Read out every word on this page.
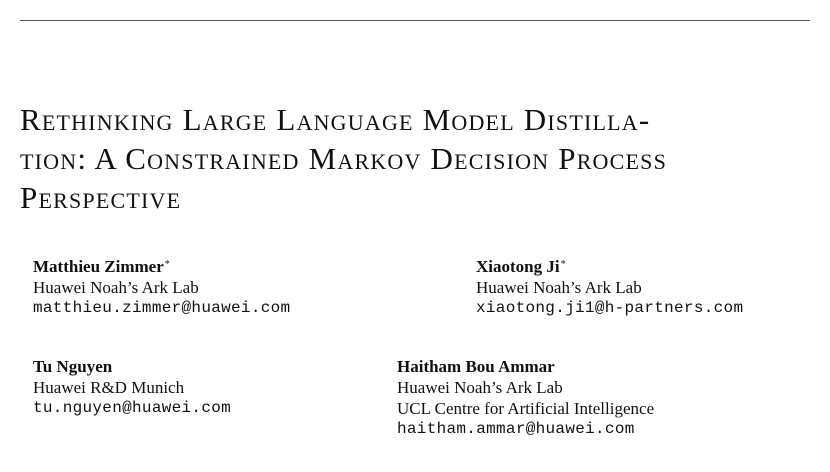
Rethinking Large Language Model Distilla-
tion: A Constrained Markov Decision Process
Perspective
Matthieu Zimmer*
Huawei Noah’s Ark Lab
matthieu.zimmer@huawei.com
Xiaotong Ji*
Huawei Noah’s Ark Lab
xiaotong.ji1@h-partners.com
Tu Nguyen
Huawei R&D Munich
tu.nguyen@huawei.com
Haitham Bou Ammar
Huawei Noah’s Ark Lab
UCL Centre for Artificial Intelligence
haitham.ammar@huawei.com
